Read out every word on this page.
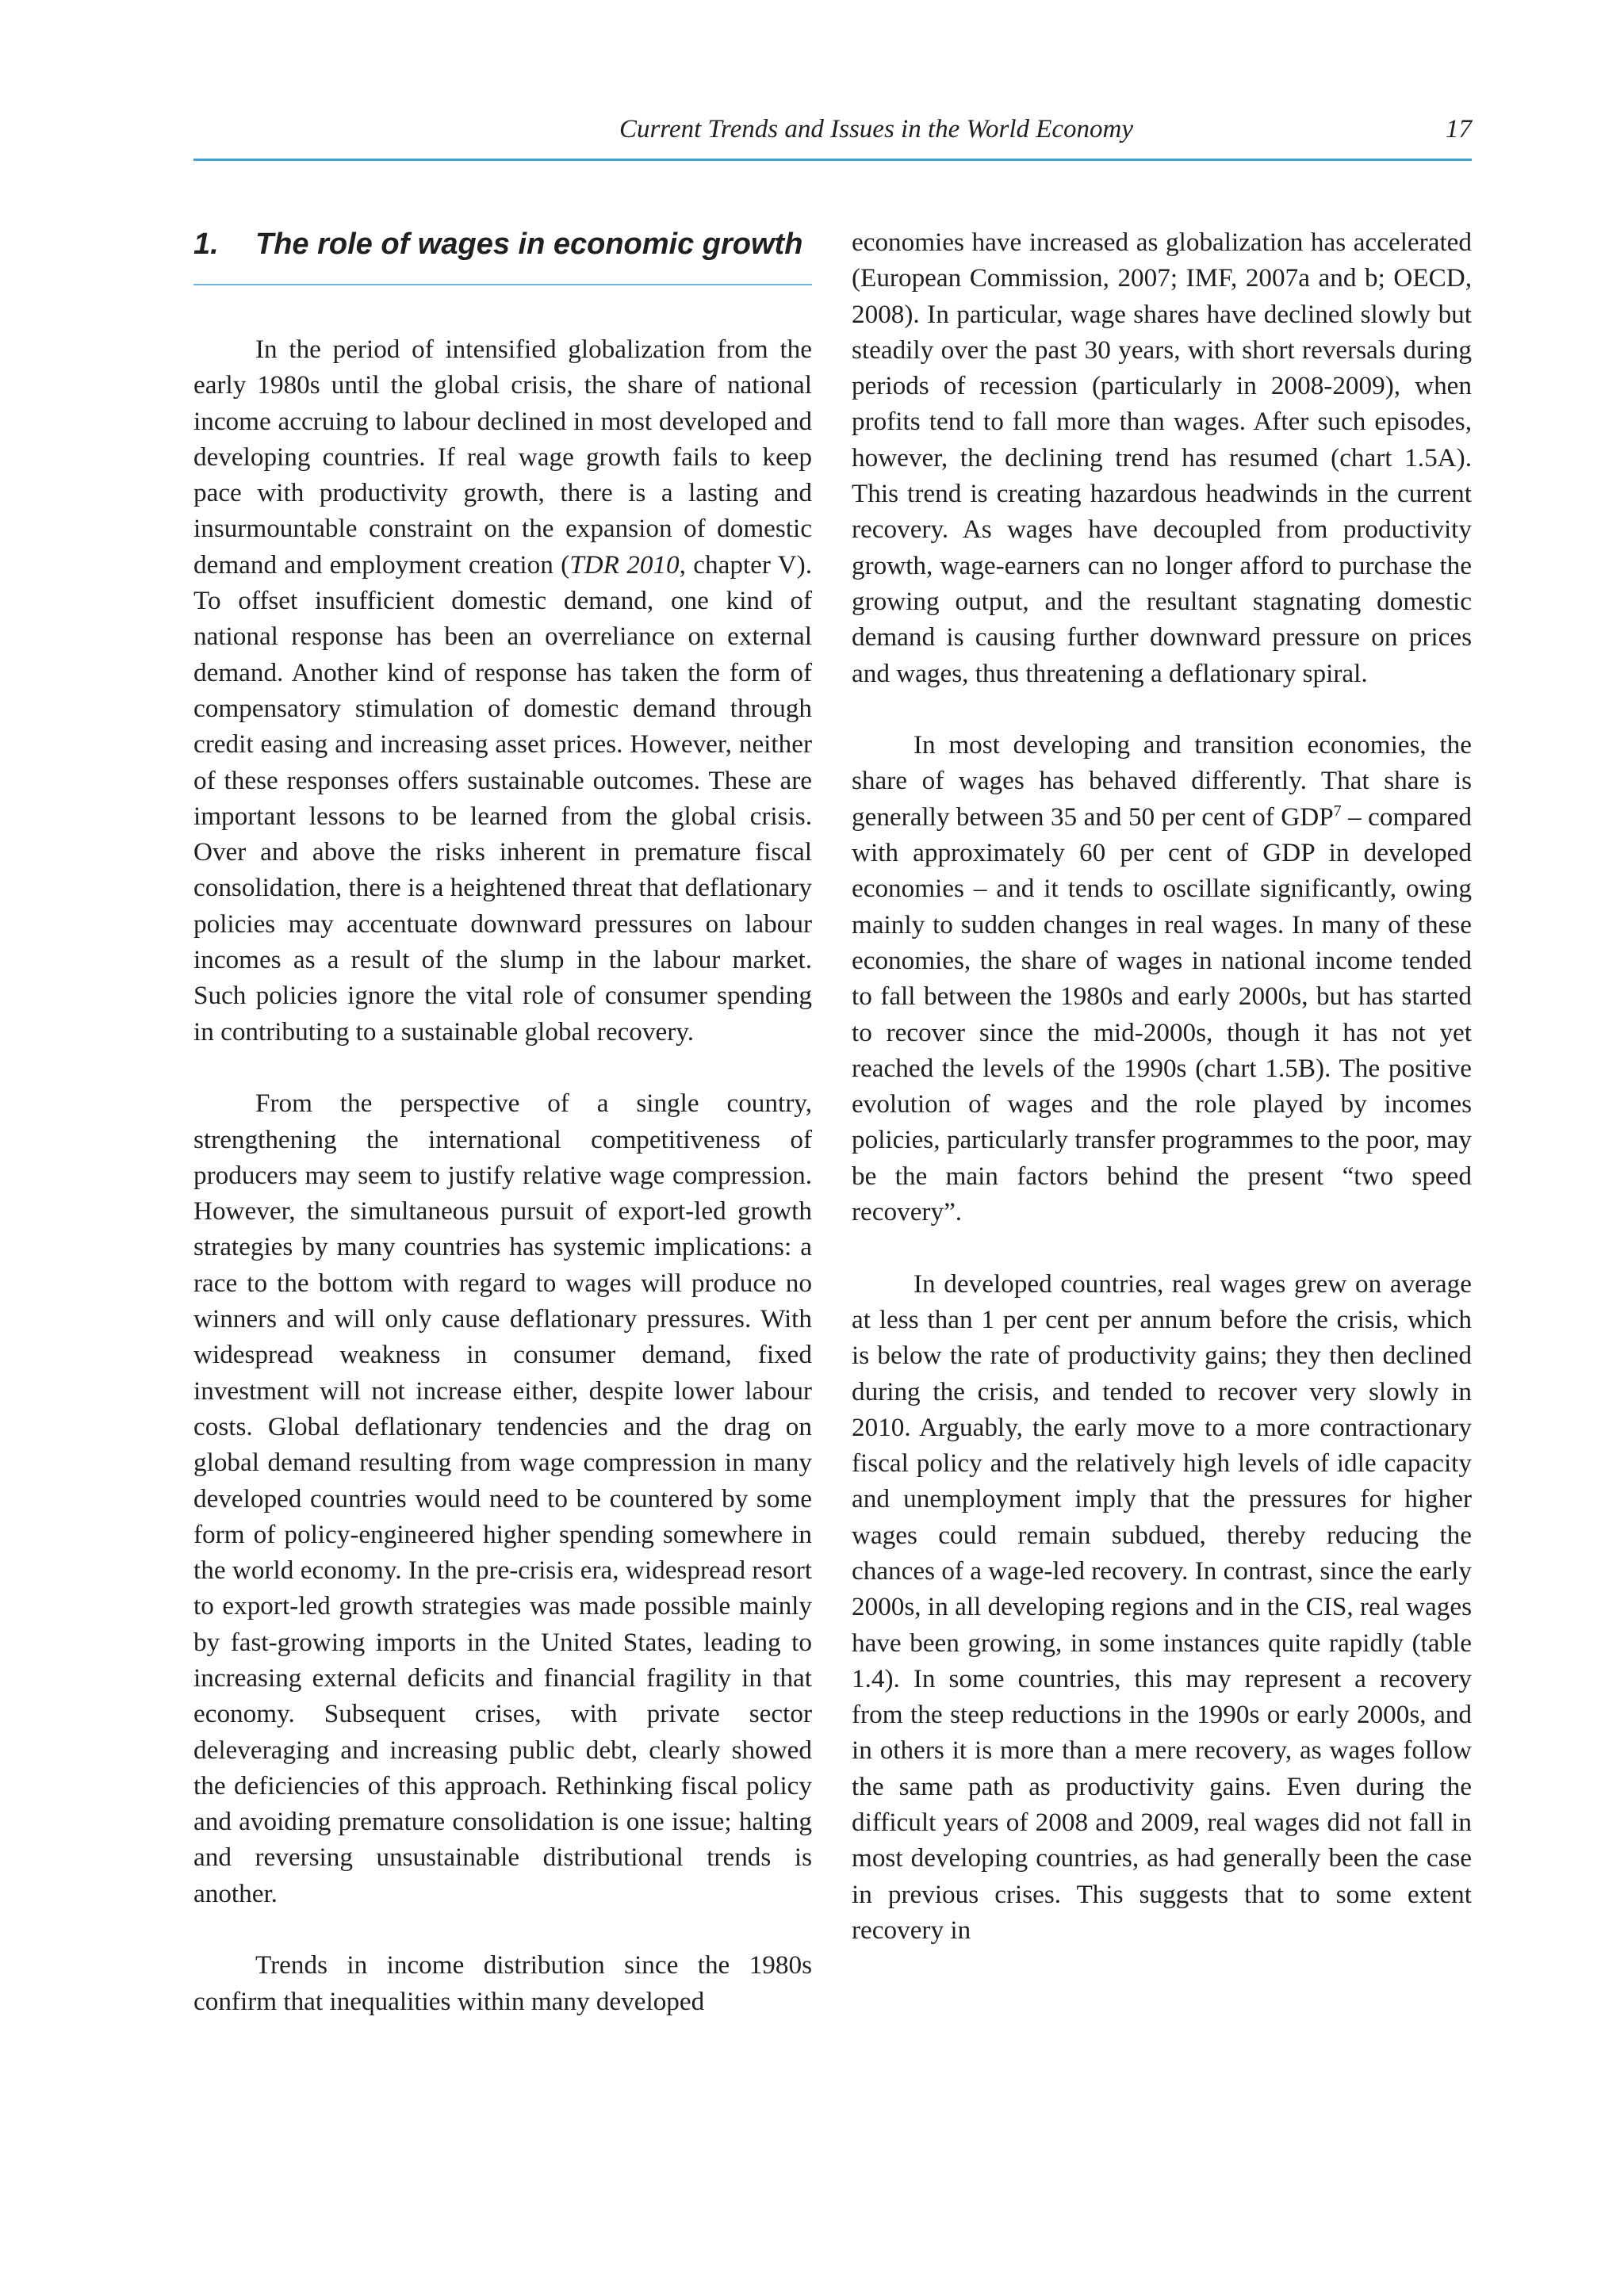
Current Trends and Issues in the World Economy	17
1. The role of wages in economic growth

In the period of intensified globalization from the early 1980s until the global crisis, the share of national income accruing to labour declined in most developed and developing countries. If real wage growth fails to keep pace with productivity growth, there is a lasting and insurmountable constraint on the expansion of domestic demand and employment creation (TDR 2010, chapter V). To offset insufficient domestic demand, one kind of national response has been an overreliance on external demand. Another kind of response has taken the form of compensatory stimulation of domestic demand through credit easing and increasing asset prices. However, neither of these responses offers sustainable outcomes. These are important lessons to be learned from the global crisis. Over and above the risks inherent in premature fiscal consolidation, there is a heightened threat that deflationary policies may accentuate downward pressures on labour incomes as a result of the slump in the labour market. Such policies ignore the vital role of consumer spending in contributing to a sustainable global recovery.

From the perspective of a single country, strengthening the international competitiveness of producers may seem to justify relative wage compression. However, the simultaneous pursuit of export-led growth strategies by many countries has systemic implications: a race to the bottom with regard to wages will produce no winners and will only cause deflationary pressures. With widespread weakness in consumer demand, fixed investment will not increase either, despite lower labour costs. Global deflationary tendencies and the drag on global demand resulting from wage compression in many developed countries would need to be countered by some form of policy-engineered higher spending somewhere in the world economy. In the pre-crisis era, widespread resort to export-led growth strategies was made possible mainly by fast-growing imports in the United States, leading to increasing external deficits and financial fragility in that economy. Subsequent crises, with private sector deleveraging and increasing public debt, clearly showed the deficiencies of this approach. Rethinking fiscal policy and avoiding premature consolidation is one issue; halting and reversing unsustainable distributional trends is another.

Trends in income distribution since the 1980s confirm that inequalities within many developed

economies have increased as globalization has accelerated (European Commission, 2007; IMF, 2007a and b; OECD, 2008). In particular, wage shares have declined slowly but steadily over the past 30 years, with short reversals during periods of recession (particularly in 2008-2009), when profits tend to fall more than wages. After such episodes, however, the declining trend has resumed (chart 1.5A). This trend is creating hazardous headwinds in the current recovery. As wages have decoupled from productivity growth, wage-earners can no longer afford to purchase the growing output, and the resultant stagnating domestic demand is causing further downward pressure on prices and wages, thus threatening a deflationary spiral.

In most developing and transition economies, the share of wages has behaved differently. That share is generally between 35 and 50 per cent of GDP$^7$ – compared with approximately 60 per cent of GDP in developed economies – and it tends to oscillate significantly, owing mainly to sudden changes in real wages. In many of these economies, the share of wages in national income tended to fall between the 1980s and early 2000s, but has started to recover since the mid-2000s, though it has not yet reached the levels of the 1990s (chart 1.5B). The positive evolution of wages and the role played by incomes policies, particularly transfer programmes to the poor, may be the main factors behind the present “two speed recovery”.

In developed countries, real wages grew on average at less than 1 per cent per annum before the crisis, which is below the rate of productivity gains; they then declined during the crisis, and tended to recover very slowly in 2010. Arguably, the early move to a more contractionary fiscal policy and the relatively high levels of idle capacity and unemployment imply that the pressures for higher wages could remain subdued, thereby reducing the chances of a wage-led recovery. In contrast, since the early 2000s, in all developing regions and in the CIS, real wages have been growing, in some instances quite rapidly (table 1.4). In some countries, this may represent a recovery from the steep reductions in the 1990s or early 2000s, and in others it is more than a mere recovery, as wages follow the same path as productivity gains. Even during the difficult years of 2008 and 2009, real wages did not fall in most developing countries, as had generally been the case in previous crises. This suggests that to some extent recovery in
